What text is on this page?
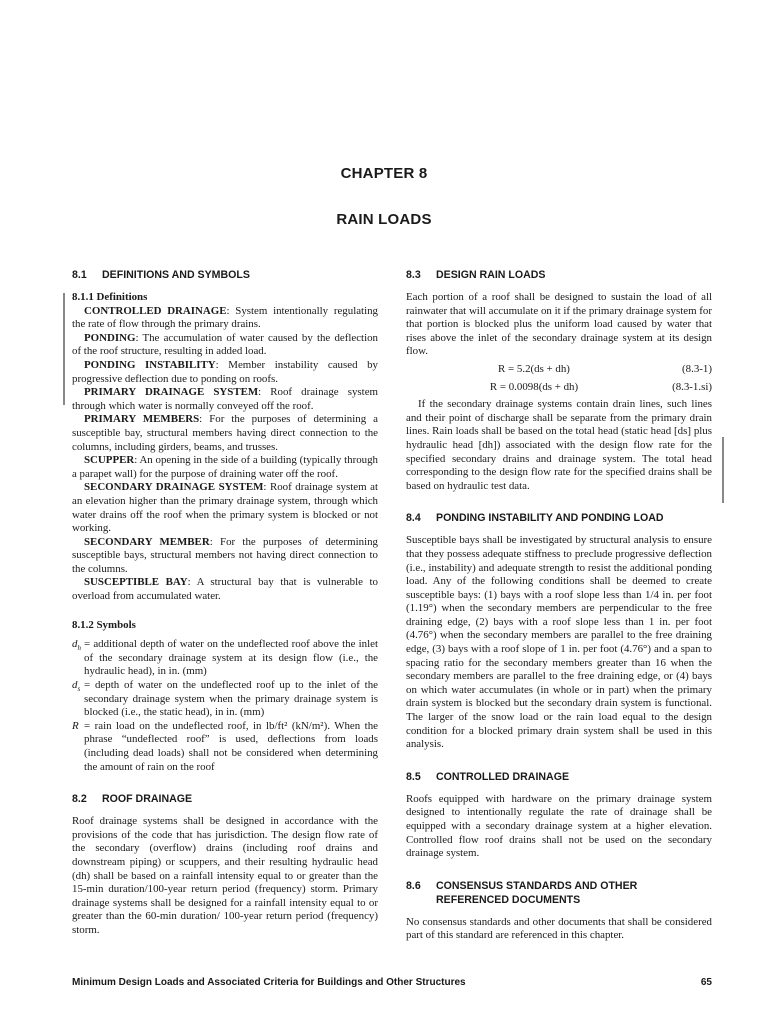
CHAPTER 8
RAIN LOADS
8.1 DEFINITIONS AND SYMBOLS

8.1.1 Definitions

CONTROLLED DRAINAGE: System intentionally regulating the rate of flow through the primary drains.

PONDING: The accumulation of water caused by the deflection of the roof structure, resulting in added load.

PONDING INSTABILITY: Member instability caused by progressive deflection due to ponding on roofs.

PRIMARY DRAINAGE SYSTEM: Roof drainage system through which water is normally conveyed off the roof.

PRIMARY MEMBERS: For the purposes of determining a susceptible bay, structural members having direct connection to the columns, including girders, beams, and trusses.

SCUPPER: An opening in the side of a building (typically through a parapet wall) for the purpose of draining water off the roof.

SECONDARY DRAINAGE SYSTEM: Roof drainage system at an elevation higher than the primary drainage system, through which water drains off the roof when the primary system is blocked or not working.

SECONDARY MEMBER: For the purposes of determining susceptible bays, structural members not having direct connection to the columns.

SUSCEPTIBLE BAY: A structural bay that is vulnerable to overload from accumulated water.

8.1.2 Symbols

$d_h$ = additional depth of water on the undeflected roof above the inlet of the secondary drainage system at its design flow (i.e., the hydraulic head), in in. (mm)
$d_s$ = depth of water on the undeflected roof up to the inlet of the secondary drainage system when the primary drainage system is blocked (i.e., the static head), in in. (mm)
R = rain load on the undeflected roof, in lb/ft² (kN/m²). When the phrase “undeflected roof” is used, deflections from loads (including dead loads) shall not be considered when determining the amount of rain on the roof
8.2 ROOF DRAINAGE

Roof drainage systems shall be designed in accordance with the provisions of the code that has jurisdiction. The design flow rate of the secondary (overflow) drains (including roof drains and downstream piping) or scuppers, and their resulting hydraulic head (dh) shall be based on a rainfall intensity equal to or greater than the 15-min duration/100-year return period (frequency) storm. Primary drainage systems shall be designed for a rainfall intensity equal to or greater than the 60-min duration/ 100-year return period (frequency) storm.

8.3 DESIGN RAIN LOADS

Each portion of a roof shall be designed to sustain the load of all rainwater that will accumulate on it if the primary drainage system for that portion is blocked plus the uniform load caused by water that rises above the inlet of the secondary drainage system at its design flow.

R = 5.2(ds + dh)	(8.3-1)
R = 0.0098(ds + dh)	(8.3-1.si)

If the secondary drainage systems contain drain lines, such lines and their point of discharge shall be separate from the primary drain lines. Rain loads shall be based on the total head (static head [ds] plus hydraulic head [dh]) associated with the design flow rate for the specified secondary drains and drainage system. The total head corresponding to the design flow rate for the specified drains shall be based on hydraulic test data.

8.4 PONDING INSTABILITY AND PONDING LOAD

Susceptible bays shall be investigated by structural analysis to ensure that they possess adequate stiffness to preclude progressive deflection (i.e., instability) and adequate strength to resist the additional ponding load. Any of the following conditions shall be deemed to create susceptible bays: (1) bays with a roof slope less than 1/4 in. per foot (1.19°) when the secondary members are perpendicular to the free draining edge, (2) bays with a roof slope less than 1 in. per foot (4.76°) when the secondary members are parallel to the free draining edge, (3) bays with a roof slope of 1 in. per foot (4.76°) and a span to spacing ratio for the secondary members greater than 16 when the secondary members are parallel to the free draining edge, or (4) bays on which water accumulates (in whole or in part) when the primary drain system is blocked but the secondary drain system is functional. The larger of the snow load or the rain load equal to the design condition for a blocked primary drain system shall be used in this analysis.

8.5 CONTROLLED DRAINAGE

Roofs equipped with hardware on the primary drainage system designed to intentionally regulate the rate of drainage shall be equipped with a secondary drainage system at a higher elevation. Controlled flow roof drains shall not be used on the secondary drainage system.

8.6 CONSENSUS STANDARDS AND OTHER
REFERENCED DOCUMENTS

No consensus standards and other documents that shall be considered part of this standard are referenced in this chapter.

Minimum Design Loads and Associated Criteria for Buildings and Other Structures	65
